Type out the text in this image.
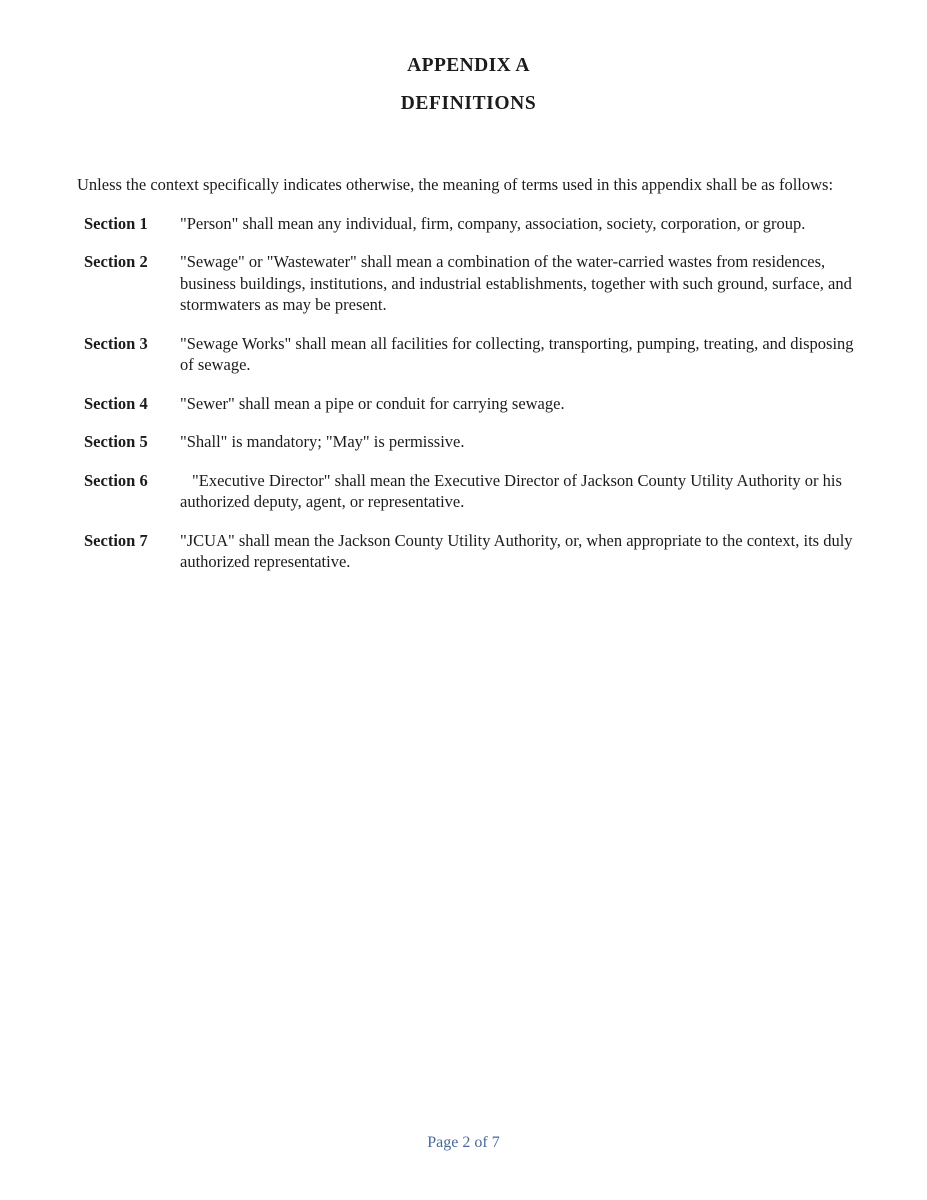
APPENDIX A
DEFINITIONS

Unless the context specifically indicates otherwise, the meaning of terms used in this appendix shall be as follows:

Section 1	"Person" shall mean any individual, firm, company, association, society, corporation, or group.
Section 2	"Sewage" or "Wastewater" shall mean a combination of the water-carried wastes from residences, business buildings, institutions, and industrial establishments, together with such ground, surface, and stormwaters as may be present.
Section 3	"Sewage Works" shall mean all facilities for collecting, transporting, pumping, treating, and disposing of sewage.
Section 4	"Sewer" shall mean a pipe or conduit for carrying sewage.
Section 5	"Shall" is mandatory; "May" is permissive.
Section 6	"Executive Director" shall mean the Executive Director of Jackson County Utility Authority or his authorized deputy, agent, or representative.
Section 7	"JCUA" shall mean the Jackson County Utility Authority, or, when appropriate to the context, its duly authorized representative.
Page 2 of 7
